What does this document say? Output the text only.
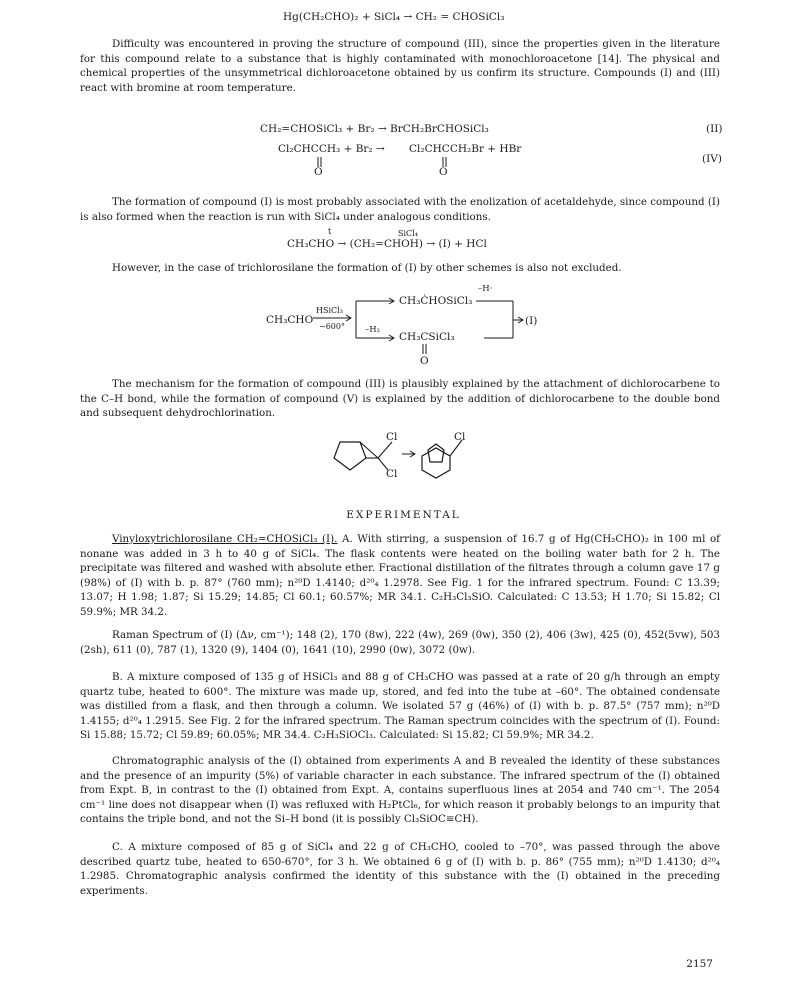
Hg(CH₂CHO)₂ + SiCl₄ → CH₂ = CHOSiCl₃

Difficulty was encountered in proving the structure of compound (III), since the properties given in the literature for this compound relate to a substance that is highly contaminated with monochloroacetone [14]. The physical and chemical properties of the unsymmetrical dichloroacetone obtained by us confirm its structure. Compounds (I) and (III) react with bromine at room temperature.

CH₂=CHOSiCl₃ + Br₂ → BrCH₂BrCHOSiCl₃	(II)

Cl₂CHCCH₃ + Br₂ → Cl₂CHCCH₂Br + HBr

(IV)
O	O

The formation of compound (I) is most probably associated with the enolization of acetaldehyde, since compound (I) is also formed when the reaction is run with SiCl₄ under analogous conditions.

t	SiCl₄

CH₃CHO → (CH₂=CHOH) → (I) + HCl

However, in the case of trichlorosilane the formation of (I) by other schemes is also not excluded.

CH₃CHO
HSiCl₃
~600°
CH₃ĊHOSiCl₃
–H·
–H₂
CH₃CSiCl₃
O
(I)

The mechanism for the formation of compound (III) is plausibly explained by the attachment of dichlorocarbene to the C–H bond, while the formation of compound (V) is explained by the addition of dichlorocarbene to the double bond and subsequent dehydrochlorination.

Cl	Cl
Cl

EXPERIMENTAL

Vinyloxytrichlorosilane CH₂=CHOSiCl₃ (I). A. With stirring, a suspension of 16.7 g of Hg(CH₂CHO)₂ in 100 ml of nonane was added in 3 h to 40 g of SiCl₄. The flask contents were heated on the boiling water bath for 2 h. The precipitate was filtered and washed with absolute ether. Fractional distillation of the filtrates through a column gave 17 g (98%) of (I) with b. p. 87° (760 mm); n²⁰D 1.4140; d²⁰₄ 1.2978. See Fig. 1 for the infrared spectrum. Found: C 13.39; 13.07; H 1.98; 1.87; Si 15.29; 14.85; Cl 60.1; 60.57%; MR 34.1. C₂H₃Cl₃SiO. Calculated: C 13.53; H 1.70; Si 15.82; Cl 59.9%; MR 34.2.

Raman Spectrum of (I) (Δν, cm⁻¹); 148 (2), 170 (8w), 222 (4w), 269 (0w), 350 (2), 406 (3w), 425 (0), 452(5vw), 503 (2sh), 611 (0), 787 (1), 1320 (9), 1404 (0), 1641 (10), 2990 (0w), 3072 (0w).

B. A mixture composed of 135 g of HSiCl₃ and 88 g of CH₃CHO was passed at a rate of 20 g/h through an empty quartz tube, heated to 600°. The mixture was made up, stored, and fed into the tube at –60°. The obtained condensate was distilled from a flask, and then through a column. We isolated 57 g (46%) of (I) with b. p. 87.5° (757 mm); n²⁰D 1.4155; d²⁰₄ 1.2915. See Fig. 2 for the infrared spectrum. The Raman spectrum coincides with the spectrum of (I). Found: Si 15.88; 15.72; Cl 59.89; 60.05%; MR 34.4. C₂H₃SiOCl₃. Calculated: Si 15.82; Cl 59.9%; MR 34.2.

Chromatographic analysis of the (I) obtained from experiments A and B revealed the identity of these substances and the presence of an impurity (5%) of variable character in each substance. The infrared spectrum of the (I) obtained from Expt. B, in contrast to the (I) obtained from Expt. A, contains superfluous lines at 2054 and 740 cm⁻¹. The 2054 cm⁻¹ line does not disappear when (I) was refluxed with H₂PtCl₆, for which reason it probably belongs to an impurity that contains the triple bond, and not the Si–H bond (it is possibly Cl₃SiOC≡CH).

C. A mixture composed of 85 g of SiCl₄ and 22 g of CH₃CHO, cooled to –70°, was passed through the above described quartz tube, heated to 650-670°, for 3 h. We obtained 6 g of (I) with b. p. 86° (755 mm); n²⁰D 1.4130; d²⁰₄ 1.2985. Chromatographic analysis confirmed the identity of this substance with the (I) obtained in the preceding experiments.

2157
